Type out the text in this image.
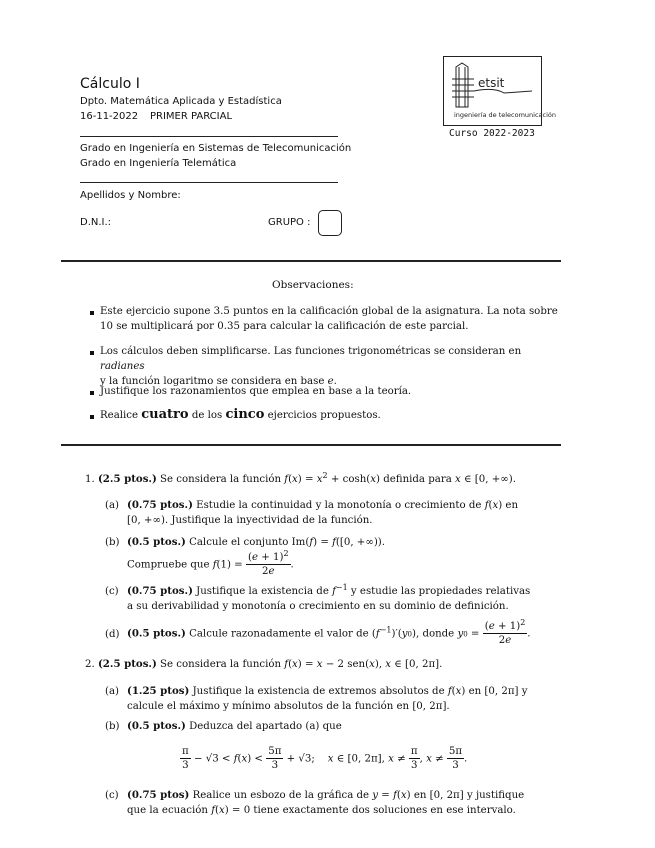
Cálculo I
Dpto. Matemática Aplicada y Estadística
16-11-2022 PRIMER PARCIAL
Grado en Ingeniería en Sistemas de Telecomunicación
Grado en Ingeniería Telemática
Apellidos y Nombre:
D.N.I.:	GRUPO :
etsit
ingeniería de telecomunicación
Curso 2022-2023
Observaciones:
Este ejercicio supone 3.5 puntos en la calificación global de la asignatura. La nota sobre
10 se multiplicará por 0.35 para calcular la calificación de este parcial.
Los cálculos deben simplificarse. Las funciones trigonométricas se consideran en radianes
y la función logaritmo se considera en base e.
Justifique los razonamientos que emplea en base a la teoría.
Realice cuatro de los cinco ejercicios propuestos.
1. (2.5 ptos.) Se considera la función $f(x) = x^2 + \cosh(x)$ definida para x ∈ [0, +∞).
(a) (0.75 ptos.) Estudie la continuidad y la monotonía o crecimiento de f(x) en
[0, +∞). Justifique la inyectividad de la función.
(b) (0.5 ptos.) Calcule el conjunto Im(f) = f([0, +∞)).
Compruebe que $f(1) = \frac{(e + 1)^2}{2e}$ .
(c) (0.75 ptos.) Justifique la existencia de $f^{-1}$ y estudie las propiedades relativas
a su derivabilidad y monotonía o crecimiento en su dominio de definición.
(d) (0.5 ptos.) Calcule razonadamente el valor de $(f^{-1})'(y0)$, donde $y0 = \frac{(e + 1)^2}{2e}$ .
2. (2.5 ptos.) Se considera la función f(x) = x − 2 sen(x), x ∈ [0, 2π].
(a) (1.25 ptos) Justifique la existencia de extremos absolutos de f(x) en [0, 2π] y
calcule el máximo y mínimo absolutos de la función en [0, 2π].
(b) (0.5 ptos.) Deduzca del apartado (a) que
$\frac{\pi}{3} - √3 < f(x) < \frac{5\pi}{3} + √3$;    x ∈ [0, 2π], $x \ne \frac{\pi}{3}$ , $x \ne \frac{5\pi}{3}$ .
(c) (0.75 ptos) Realice un esbozo de la gráfica de y = f(x) en [0, 2π] y justifique
que la ecuación f(x) = 0 tiene exactamente dos soluciones en ese intervalo.
